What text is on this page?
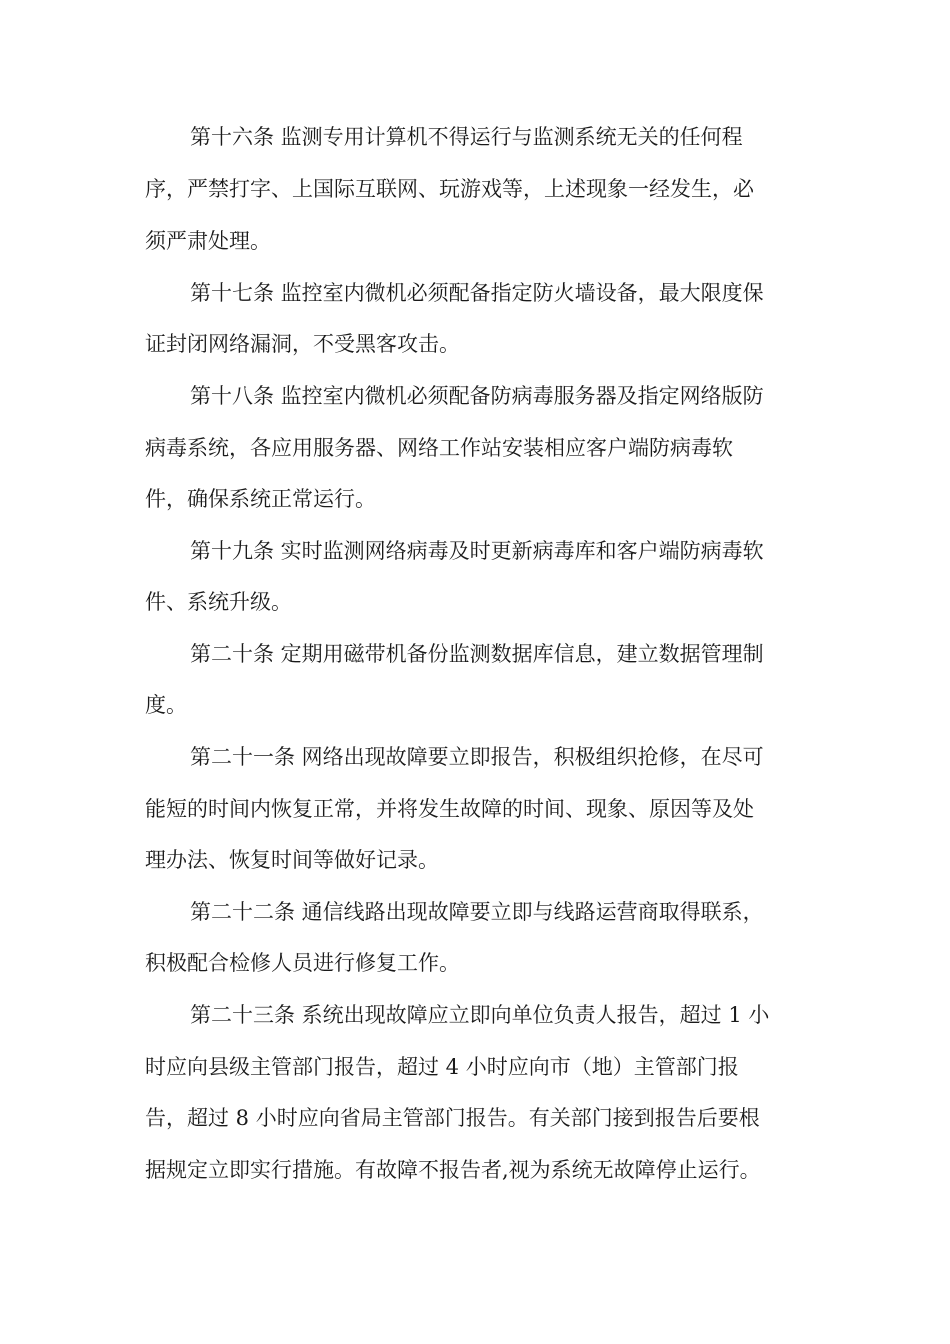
第十六条 监测专用计算机不得运行与监测系统无关的任何程

序，严禁打字、上国际互联网、玩游戏等，上述现象一经发生，必

须严肃处理。

第十七条 监控室内微机必须配备指定防火墙设备，最大限度保

证封闭网络漏洞，不受黑客攻击。

第十八条 监控室内微机必须配备防病毒服务器及指定网络版防

病毒系统，各应用服务器、网络工作站安装相应客户端防病毒软

件，确保系统正常运行。

第十九条 实时监测网络病毒及时更新病毒库和客户端防病毒软

件、系统升级。

第二十条 定期用磁带机备份监测数据库信息，建立数据管理制

度。

第二十一条 网络出现故障要立即报告，积极组织抢修，在尽可

能短的时间内恢复正常，并将发生故障的时间、现象、原因等及处

理办法、恢复时间等做好记录。

第二十二条 通信线路出现故障要立即与线路运营商取得联系，

积极配合检修人员进行修复工作。

第二十三条 系统出现故障应立即向单位负责人报告，超过 1 小

时应向县级主管部门报告，超过 4 小时应向市（地）主管部门报

告，超过 8 小时应向省局主管部门报告。有关部门接到报告后要根

据规定立即实行措施。有故障不报告者,视为系统无故障停止运行。
